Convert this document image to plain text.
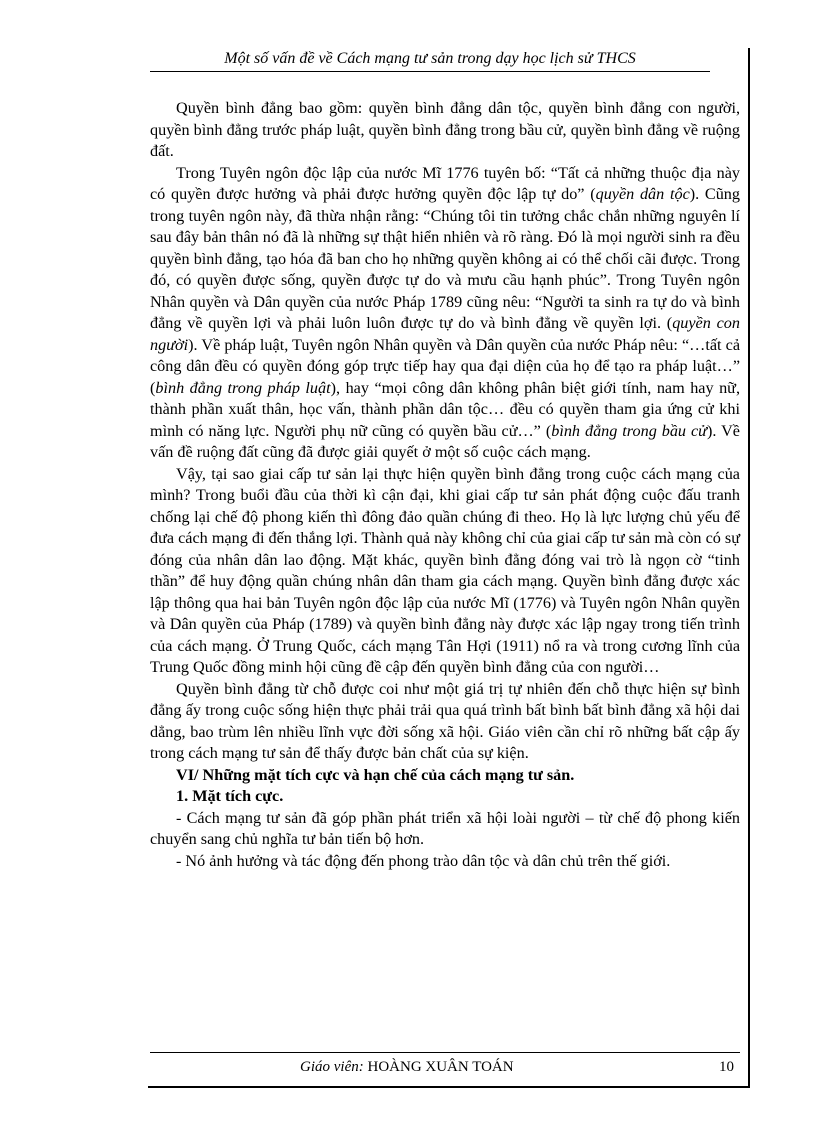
Một số vấn đề về Cách mạng tư sản trong dạy học lịch sử THCS

Quyền bình đẳng bao gồm: quyền bình đẳng dân tộc, quyền bình đẳng con người, quyền bình đẳng trước pháp luật, quyền bình đẳng trong bầu cử, quyền bình đẳng về ruộng đất.

Trong Tuyên ngôn độc lập của nước Mĩ 1776 tuyên bố: “Tất cả những thuộc địa này có quyền được hưởng và phải được hưởng quyền độc lập tự do” (quyền dân tộc). Cũng trong tuyên ngôn này, đã thừa nhận rằng: “Chúng tôi tin tưởng chắc chắn những nguyên lí sau đây bản thân nó đã là những sự thật hiển nhiên và rõ ràng. Đó là mọi người sinh ra đều quyền bình đẳng, tạo hóa đã ban cho họ những quyền không ai có thể chối cãi được. Trong đó, có quyền được sống, quyền được tự do và mưu cầu hạnh phúc”. Trong Tuyên ngôn Nhân quyền và Dân quyền của nước Pháp 1789 cũng nêu: “Người ta sinh ra tự do và bình đẳng về quyền lợi và phải luôn luôn được tự do và bình đẳng về quyền lợi. (quyền con người). Về pháp luật, Tuyên ngôn Nhân quyền và Dân quyền của nước Pháp nêu: “…tất cả công dân đều có quyền đóng góp trực tiếp hay qua đại diện của họ để tạo ra pháp luật…” (bình đẳng trong pháp luật), hay “mọi công dân không phân biệt giới tính, nam hay nữ, thành phần xuất thân, học vấn, thành phần dân tộc… đều có quyền tham gia ứng cử khi mình có năng lực. Người phụ nữ cũng có quyền bầu cử…” (bình đẳng trong bầu cử). Về vấn đề ruộng đất cũng đã được giải quyết ở một số cuộc cách mạng.

Vậy, tại sao giai cấp tư sản lại thực hiện quyền bình đẳng trong cuộc cách mạng của mình? Trong buổi đầu của thời kì cận đại, khi giai cấp tư sản phát động cuộc đấu tranh chống lại chế độ phong kiến thì đông đảo quần chúng đi theo. Họ là lực lượng chủ yếu để đưa cách mạng đi đến thắng lợi. Thành quả này không chỉ của giai cấp tư sản mà còn có sự đóng của nhân dân lao động. Mặt khác, quyền bình đẳng đóng vai trò là ngọn cờ “tinh thần” để huy động quần chúng nhân dân tham gia cách mạng. Quyền bình đẳng được xác lập thông qua hai bản Tuyên ngôn độc lập của nước Mĩ (1776) và Tuyên ngôn Nhân quyền và Dân quyền của Pháp (1789) và quyền bình đẳng này được xác lập ngay trong tiến trình của cách mạng. Ở Trung Quốc, cách mạng Tân Hợi (1911) nổ ra và trong cương lĩnh của Trung Quốc đồng minh hội cũng đề cập đến quyền bình đẳng của con người…

Quyền bình đẳng từ chỗ được coi như một giá trị tự nhiên đến chỗ thực hiện sự bình đẳng ấy trong cuộc sống hiện thực phải trải qua quá trình bất bình bất bình đẳng xã hội dai dẳng, bao trùm lên nhiều lĩnh vực đời sống xã hội. Giáo viên cần chỉ rõ những bất cập ấy trong cách mạng tư sản để thấy được bản chất của sự kiện.

VI/ Những mặt tích cực và hạn chế của cách mạng tư sản.

1. Mặt tích cực.

- Cách mạng tư sản đã góp phần phát triển xã hội loài người – từ chế độ phong kiến chuyển sang chủ nghĩa tư bản tiến bộ hơn.

- Nó ảnh hưởng và tác động đến phong trào dân tộc và dân chủ trên thế giới.

Giáo viên: HOÀNG XUÂN TOÁN	10
